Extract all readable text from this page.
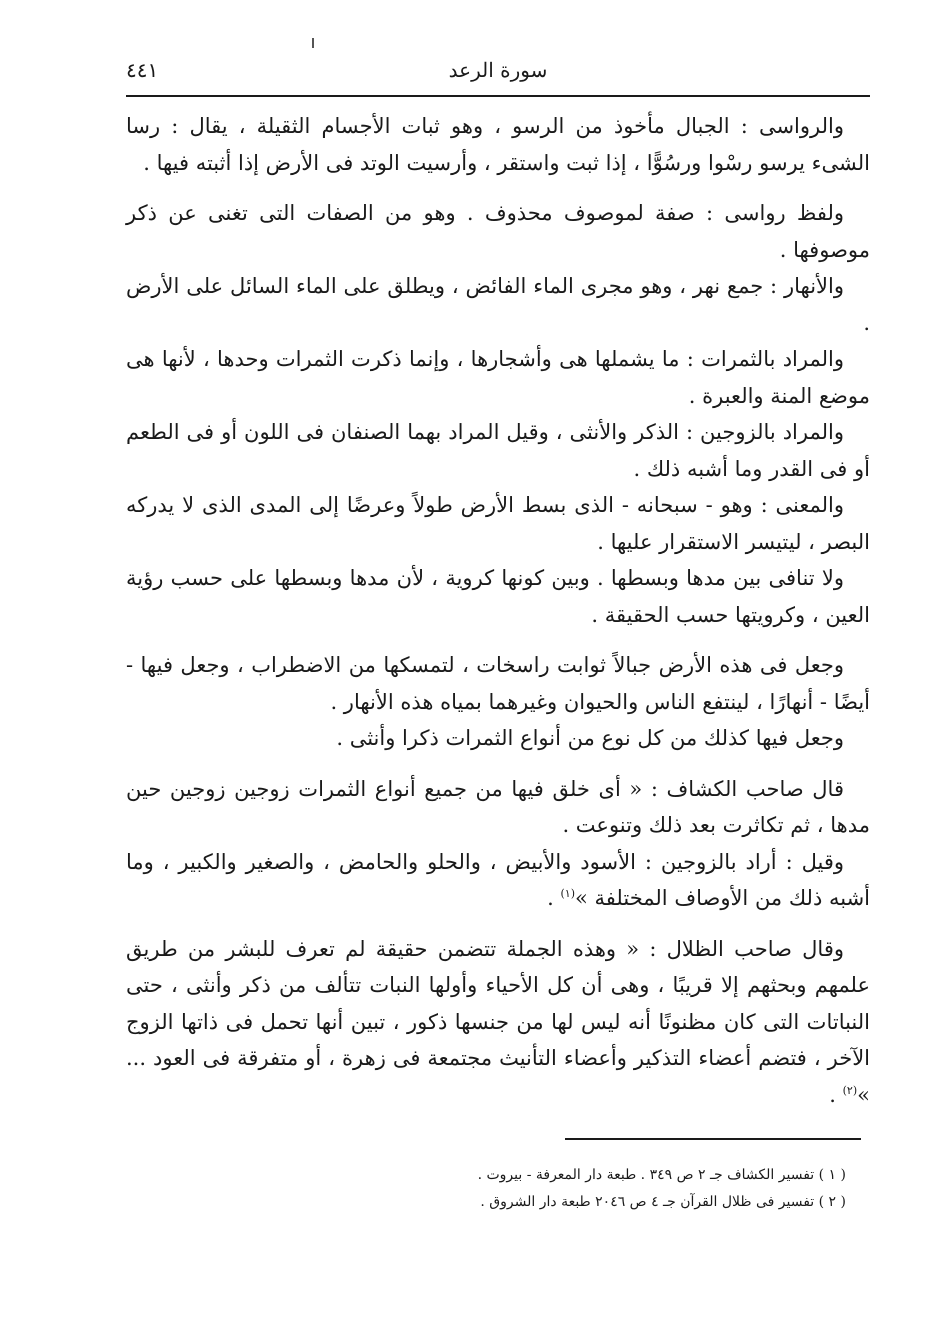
٤٤١	سورة الرعد

والرواسى : الجبال مأخوذ من الرسو ، وهو ثبات الأجسام الثقيلة ، يقال : رسا الشىء يرسو رسْوا ورسُوًّا ، إذا ثبت واستقر ، وأرسيت الوتد فى الأرض إذا أثبته فيها .

ولفظ رواسى : صفة لموصوف محذوف . وهو من الصفات التى تغنى عن ذكر موصوفها .

والأنهار : جمع نهر ، وهو مجرى الماء الفائض ، ويطلق على الماء السائل على الأرض .

والمراد بالثمرات : ما يشملها هى وأشجارها ، وإنما ذكرت الثمرات وحدها ، لأنها هى موضع المنة والعبرة .

والمراد بالزوجين : الذكر والأنثى ، وقيل المراد بهما الصنفان فى اللون أو فى الطعم أو فى القدر وما أشبه ذلك .

والمعنى : وهو - سبحانه - الذى بسط الأرض طولاً وعرضًا إلى المدى الذى لا يدركه البصر ، ليتيسر الاستقرار عليها .

ولا تنافى بين مدها وبسطها . وبين كونها كروية ، لأن مدها وبسطها على حسب رؤية العين ، وكرويتها حسب الحقيقة .

وجعل فى هذه الأرض جبالاً ثوابت راسخات ، لتمسكها من الاضطراب ، وجعل فيها - أيضًا - أنهارًا ، لينتفع الناس والحيوان وغيرهما بمياه هذه الأنهار .

وجعل فيها كذلك من كل نوع من أنواع الثمرات ذكرا وأنثى .

قال صاحب الكشاف : « أى خلق فيها من جميع أنواع الثمرات زوجين زوجين حين مدها ، ثم تكاثرت بعد ذلك وتنوعت .

وقيل : أراد بالزوجين : الأسود والأبيض ، والحلو والحامض ، والصغير والكبير ، وما أشبه ذلك من الأوصاف المختلفة »$^{(١)}$ .

وقال صاحب الظلال : « وهذه الجملة تتضمن حقيقة لم تعرف للبشر من طريق علمهم وبحثهم إلا قريبًا ، وهى أن كل الأحياء وأولها النبات تتألف من ذكر وأنثى ، حتى النباتات التى كان مظنونًا أنه ليس لها من جنسها ذكور ، تبين أنها تحمل فى ذاتها الزوج الآخر ، فتضم أعضاء التذكير وأعضاء التأنيث مجتمعة فى زهرة ، أو متفرقة فى العود ... »$^{(٢)}$ .

( ١ ) تفسير الكشاف جـ ٢ ص ٣٤٩ . طبعة دار المعرفة - بيروت .

( ٢ ) تفسير فى ظلال القرآن جـ ٤ ص ٢٠٤٦ طبعة دار الشروق .
